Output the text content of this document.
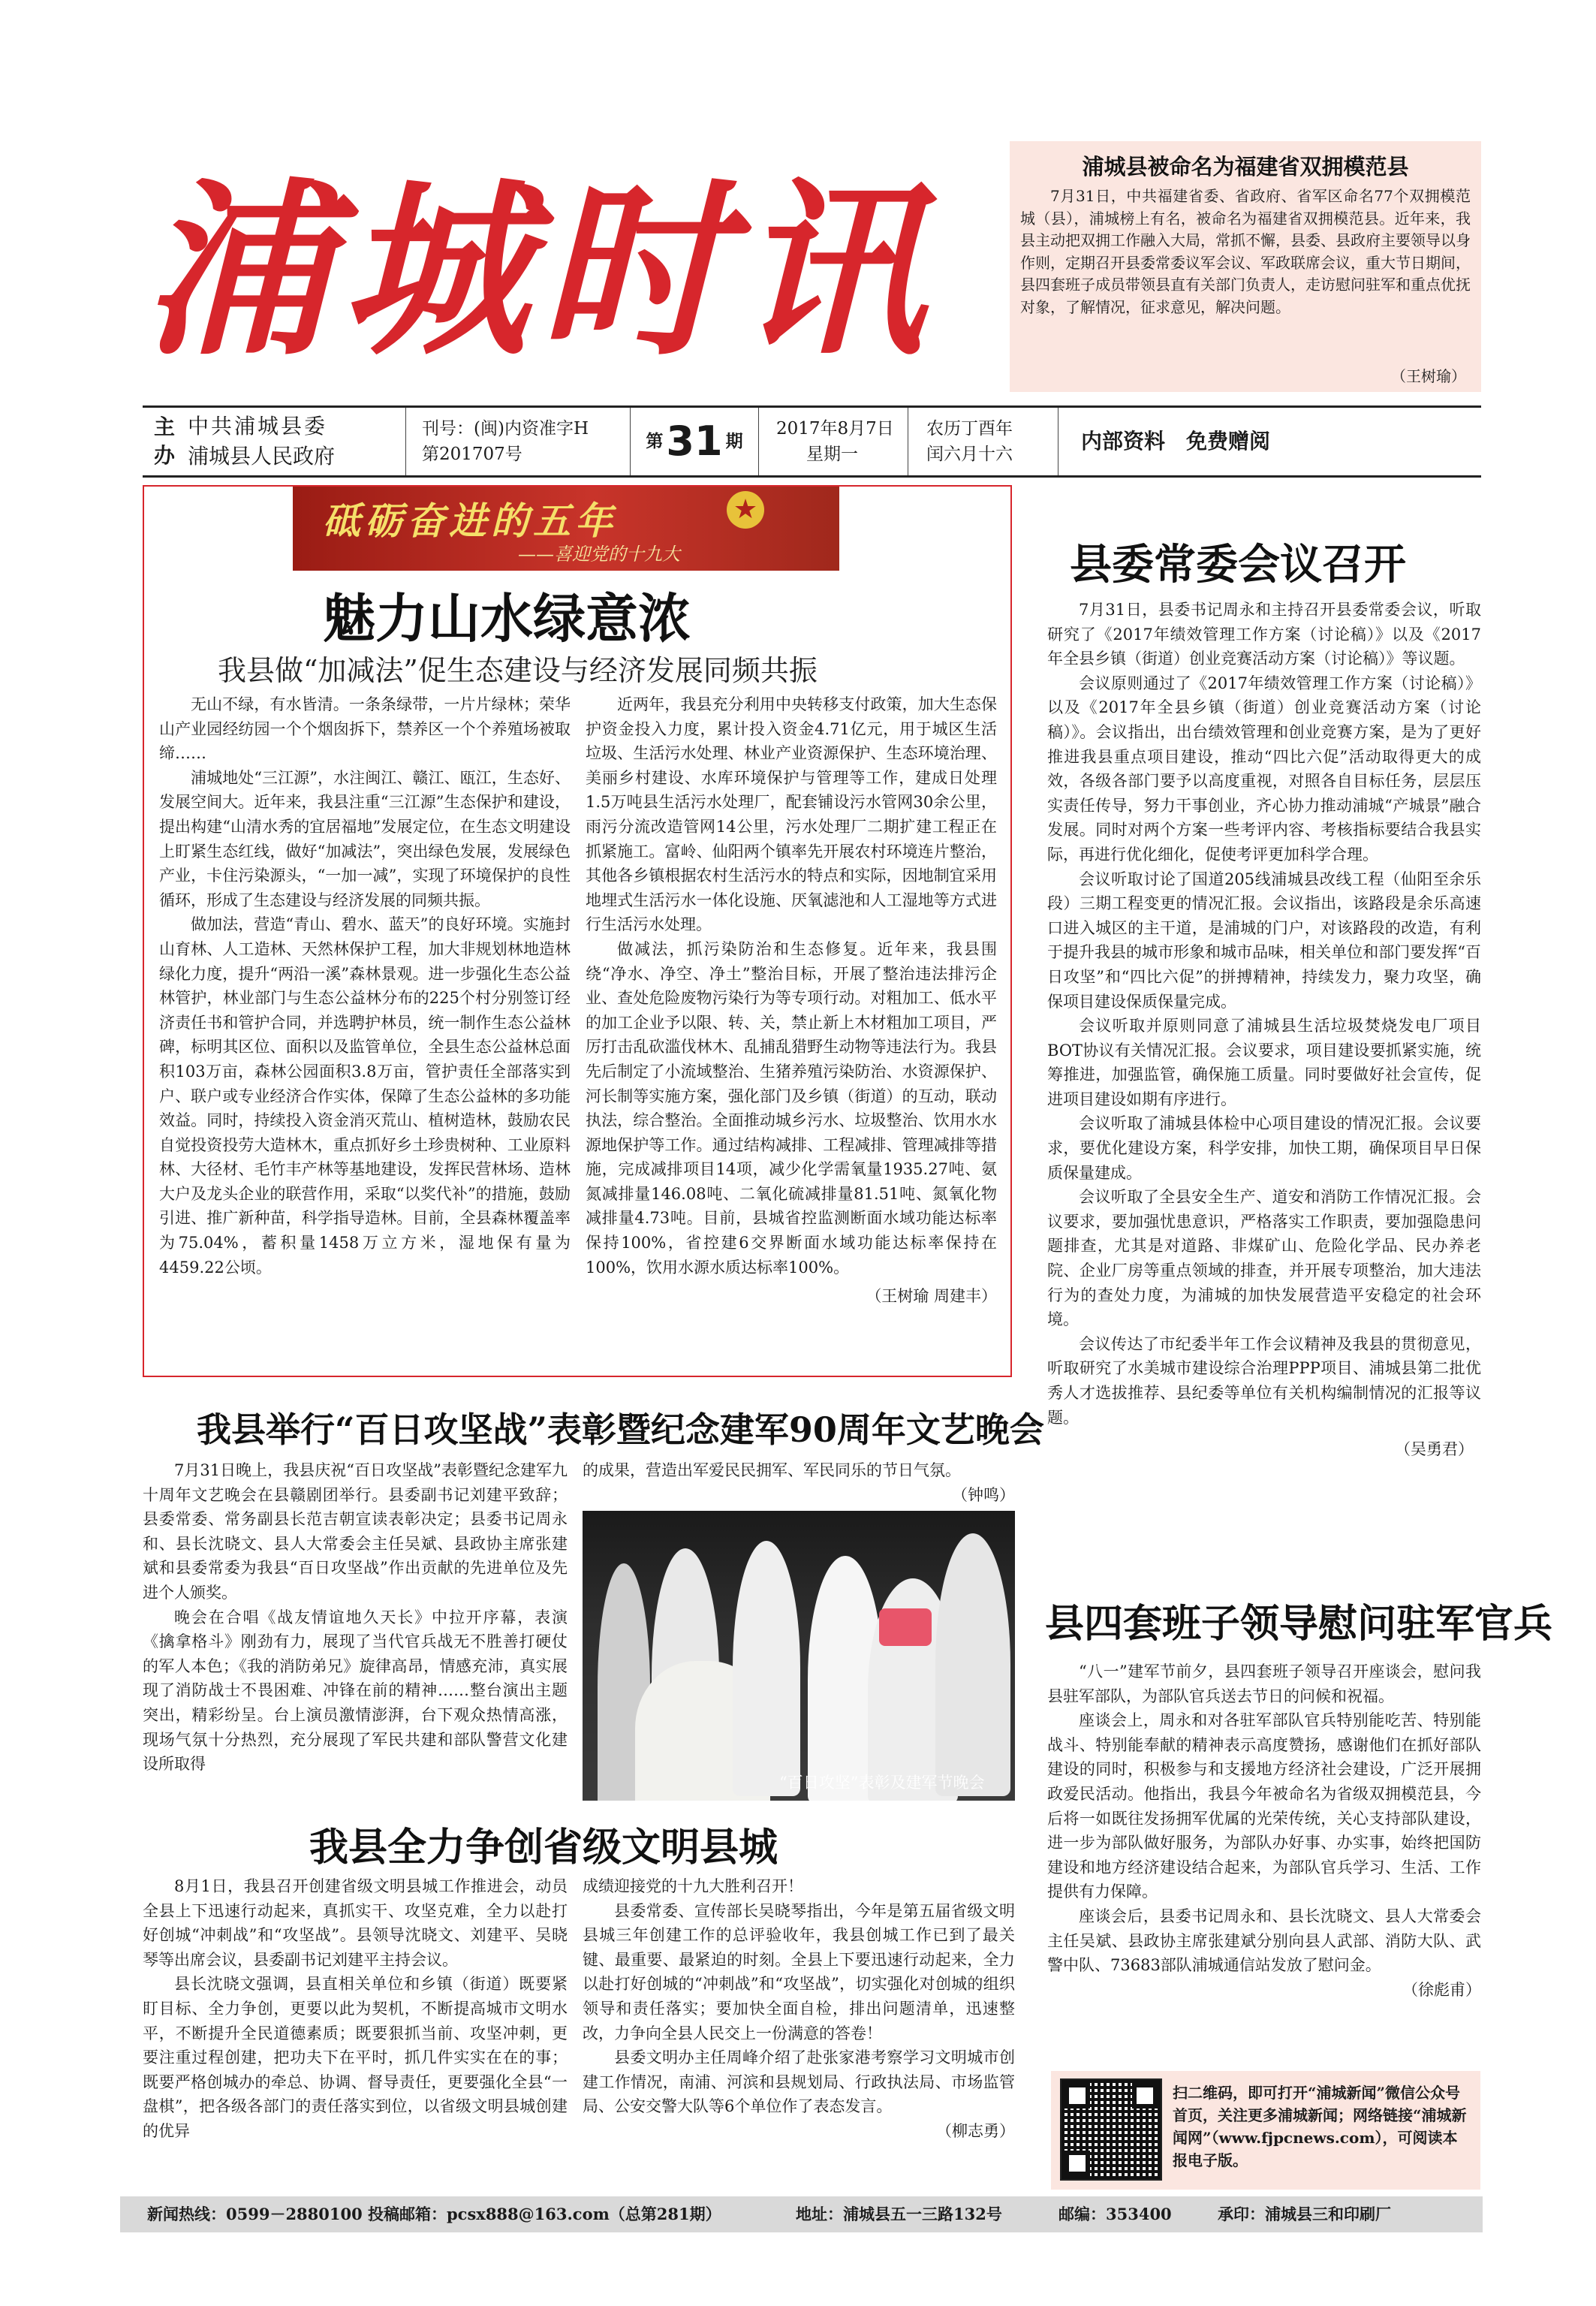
浦城时讯	浦城县被命名为福建省双拥模范县

7月31日，中共福建省委、省政府、省军区命名77个双拥模范城（县），浦城榜上有名，被命名为福建省双拥模范县。近年来，我县主动把双拥工作融入大局，常抓不懈，县委、县政府主要领导以身作则，定期召开县委常委议军会议、军政联席会议，重大节日期间，县四套班子成员带领县直有关部门负责人，走访慰问驻军和重点优抚对象，了解情况，征求意见，解决问题。

（王树瑜）
主
办
中共浦城县委
浦城县人民政府
刊号：(闽)内资准字H
第201707号
第 31 期
2017年8月7日
星期一
农历丁酉年
闰六月十六
内部资料　免费赠阅
砥砺奋进的五年	★
——喜迎党的十九大
魅力山水绿意浓
我县做“加减法”促生态建设与经济发展同频共振

无山不绿，有水皆清。一条条绿带，一片片绿林；荣华山产业园经纺园一个个烟囱拆下，禁养区一个个养殖场被取缔……

浦城地处“三江源”，水注闽江、赣江、瓯江，生态好、发展空间大。近年来，我县注重“三江源”生态保护和建设，提出构建“山清水秀的宜居福地”发展定位，在生态文明建设上盯紧生态红线，做好“加减法”，突出绿色发展，发展绿色产业，卡住污染源头，“一加一减”，实现了环境保护的良性循环，形成了生态建设与经济发展的同频共振。

做加法，营造“青山、碧水、蓝天”的良好环境。实施封山育林、人工造林、天然林保护工程，加大非规划林地造林绿化力度，提升“两沿一溪”森林景观。进一步强化生态公益林管护，林业部门与生态公益林分布的225个村分别签订经济责任书和管护合同，并选聘护林员，统一制作生态公益林碑，标明其区位、面积以及监管单位，全县生态公益林总面积103万亩，森林公园面积3.8万亩，管护责任全部落实到户、联户或专业经济合作实体，保障了生态公益林的多功能效益。同时，持续投入资金消灭荒山、植树造林，鼓励农民自觉投资投劳大造林木，重点抓好乡土珍贵树种、工业原料林、大径材、毛竹丰产林等基地建设，发挥民营林场、造林大户及龙头企业的联营作用，采取“以奖代补”的措施，鼓励引进、推广新种苗，科学指导造林。目前，全县森林覆盖率为75.04%，蓄积量1458万立方米，湿地保有量为4459.22公顷。

近两年，我县充分利用中央转移支付政策，加大生态保护资金投入力度，累计投入资金4.71亿元，用于城区生活垃圾、生活污水处理、林业产业资源保护、生态环境治理、美丽乡村建设、水库环境保护与管理等工作，建成日处理1.5万吨县生活污水处理厂，配套铺设污水管网30余公里，雨污分流改造管网14公里，污水处理厂二期扩建工程正在抓紧施工。富岭、仙阳两个镇率先开展农村环境连片整治，其他各乡镇根据农村生活污水的特点和实际，因地制宜采用地埋式生活污水一体化设施、厌氧滤池和人工湿地等方式进行生活污水处理。

做减法，抓污染防治和生态修复。近年来，我县围绕“净水、净空、净土”整治目标，开展了整治违法排污企业、查处危险废物污染行为等专项行动。对粗加工、低水平的加工企业予以限、转、关，禁止新上木材粗加工项目，严厉打击乱砍滥伐林木、乱捕乱猎野生动物等违法行为。我县先后制定了小流域整治、生猪养殖污染防治、水资源保护、河长制等实施方案，强化部门及乡镇（街道）的互动，联动执法，综合整治。全面推动城乡污水、垃圾整治、饮用水水源地保护等工作。通过结构减排、工程减排、管理减排等措施，完成减排项目14项，减少化学需氧量1935.27吨、氨氮减排量146.08吨、二氧化硫减排量81.51吨、氮氧化物减排量4.73吨。目前，县城省控监测断面水域功能达标率保持100%，省控建6交界断面水域功能达标率保持在100%，饮用水源水质达标率100%。

（王树瑜 周建丰）
县委常委会议召开

7月31日，县委书记周永和主持召开县委常委会议，听取研究了《2017年绩效管理工作方案（讨论稿）》以及《2017年全县乡镇（街道）创业竞赛活动方案（讨论稿）》等议题。

会议原则通过了《2017年绩效管理工作方案（讨论稿）》以及《2017年全县乡镇（街道）创业竞赛活动方案（讨论稿）》。会议指出，出台绩效管理和创业竞赛方案，是为了更好推进我县重点项目建设，推动“四比六促”活动取得更大的成效，各级各部门要予以高度重视，对照各自目标任务，层层压实责任传导，努力干事创业，齐心协力推动浦城“产城景”融合发展。同时对两个方案一些考评内容、考核指标要结合我县实际，再进行优化细化，促使考评更加科学合理。

会议听取讨论了国道205线浦城县改线工程（仙阳至余乐段）三期工程变更的情况汇报。会议指出，该路段是余乐高速口进入城区的主干道，是浦城的门户，对该路段的改造，有利于提升我县的城市形象和城市品味，相关单位和部门要发挥“百日攻坚”和“四比六促”的拼搏精神，持续发力，聚力攻坚，确保项目建设保质保量完成。

会议听取并原则同意了浦城县生活垃圾焚烧发电厂项目BOT协议有关情况汇报。会议要求，项目建设要抓紧实施，统筹推进，加强监管，确保施工质量。同时要做好社会宣传，促进项目建设如期有序进行。

会议听取了浦城县体检中心项目建设的情况汇报。会议要求，要优化建设方案，科学安排，加快工期，确保项目早日保质保量建成。

会议听取了全县安全生产、道安和消防工作情况汇报。会议要求，要加强忧患意识，严格落实工作职责，要加强隐患问题排查，尤其是对道路、非煤矿山、危险化学品、民办养老院、企业厂房等重点领域的排查，并开展专项整治，加大违法行为的查处力度，为浦城的加快发展营造平安稳定的社会环境。

会议传达了市纪委半年工作会议精神及我县的贯彻意见，听取研究了水美城市建设综合治理PPP项目、浦城县第二批优秀人才选拔推荐、县纪委等单位有关机构编制情况的汇报等议题。

（吴勇君）
我县举行“百日攻坚战”表彰暨纪念建军90周年文艺晚会

7月31日晚上，我县庆祝“百日攻坚战”表彰暨纪念建军九十周年文艺晚会在县赣剧团举行。县委副书记刘建平致辞；县委常委、常务副县长范吉朝宣读表彰决定；县委书记周永和、县长沈晓文、县人大常委会主任吴斌、县政协主席张建斌和县委常委为我县“百日攻坚战”作出贡献的先进单位及先进个人颁奖。

晚会在合唱《战友情谊地久天长》中拉开序幕，表演《擒拿格斗》刚劲有力，展现了当代官兵战无不胜善打硬仗的军人本色；《我的消防弟兄》旋律高昂，情感充沛，真实展现了消防战士不畏困难、冲锋在前的精神……整台演出主题突出，精彩纷呈。台上演员激情澎湃，台下观众热情高涨，现场气氛十分热烈，充分展现了军民共建和部队警营文化建设所取得

的成果，营造出军爱民民拥军、军民同乐的节日气氛。

（钟鸣）
“百日攻坚”表彰及建军节晚会
我县全力争创省级文明县城

8月1日，我县召开创建省级文明县城工作推进会，动员全县上下迅速行动起来，真抓实干、攻坚克难，全力以赴打好创城“冲刺战”和“攻坚战”。县领导沈晓文、刘建平、吴晓琴等出席会议，县委副书记刘建平主持会议。

县长沈晓文强调，县直相关单位和乡镇（街道）既要紧盯目标、全力争创，更要以此为契机，不断提高城市文明水平，不断提升全民道德素质；既要狠抓当前、攻坚冲刺，更要注重过程创建，把功夫下在平时，抓几件实实在在的事；既要严格创城办的牵总、协调、督导责任，更要强化全县“一盘棋”，把各级各部门的责任落实到位，以省级文明县城创建的优异

成绩迎接党的十九大胜利召开！

县委常委、宣传部长吴晓琴指出，今年是第五届省级文明县城三年创建工作的总评验收年，我县创城工作已到了最关键、最重要、最紧迫的时刻。全县上下要迅速行动起来，全力以赴打好创城的“冲刺战”和“攻坚战”，切实强化对创城的组织领导和责任落实；要加快全面自检，排出问题清单，迅速整改，力争向全县人民交上一份满意的答卷！

县委文明办主任周峰介绍了赴张家港考察学习文明城市创建工作情况，南浦、河滨和县规划局、行政执法局、市场监管局、公安交警大队等6个单位作了表态发言。

（柳志勇）
县四套班子领导慰问驻军官兵

“八一”建军节前夕，县四套班子领导召开座谈会，慰问我县驻军部队，为部队官兵送去节日的问候和祝福。

座谈会上，周永和对各驻军部队官兵特别能吃苦、特别能战斗、特别能奉献的精神表示高度赞扬，感谢他们在抓好部队建设的同时，积极参与和支援地方经济社会建设，广泛开展拥政爱民活动。他指出，我县今年被命名为省级双拥模范县，今后将一如既往发扬拥军优属的光荣传统，关心支持部队建设，进一步为部队做好服务，为部队办好事、办实事，始终把国防建设和地方经济建设结合起来，为部队官兵学习、生活、工作提供有力保障。

座谈会后，县委书记周永和、县长沈晓文、县人大常委会主任吴斌、县政协主席张建斌分别向县人武部、消防大队、武警中队、73683部队浦城通信站发放了慰问金。

（徐彪甫）
扫二维码，即可打开“浦城新闻”微信公众号首页，关注更多浦城新闻；网络链接“浦城新闻网”（www.fjpcnews.com），可阅读本报电子版。
新闻热线：0599－2880100 投稿邮箱：pcsx888@163.com（总第281期）	地址：浦城县五一三路132号	邮编：353400	承印：浦城县三和印刷厂
